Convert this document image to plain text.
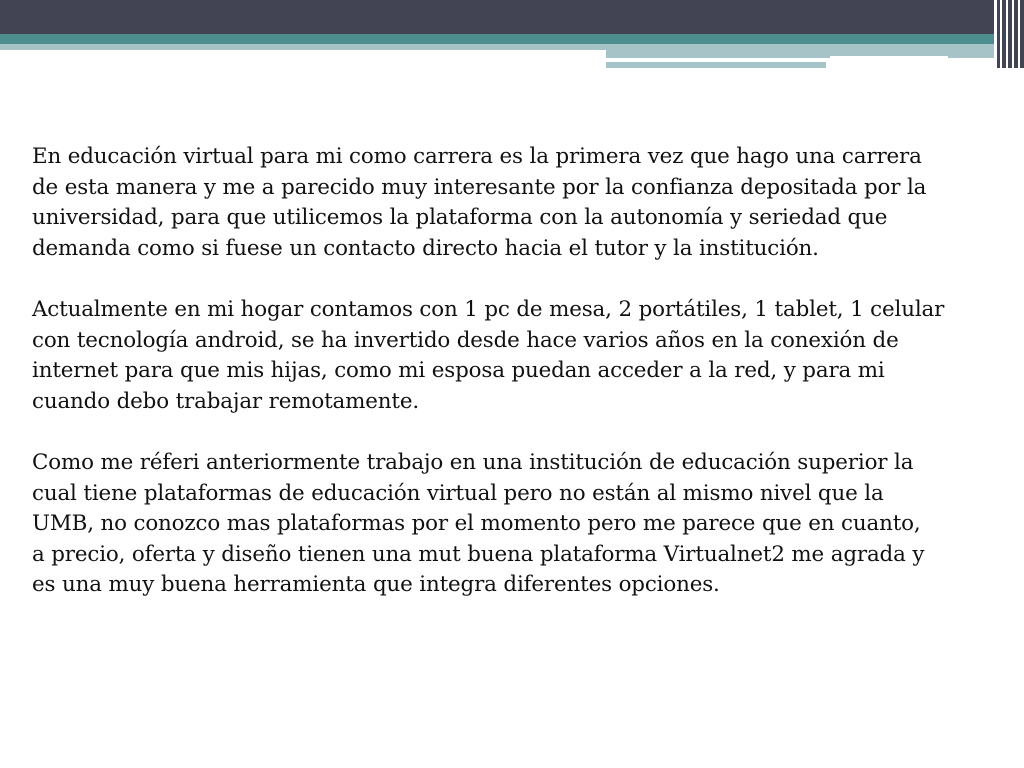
En educación virtual para mi como carrera es la primera vez que hago una carrera
de esta manera y me a parecido muy interesante por la confianza depositada por la
universidad, para que utilicemos la plataforma con la autonomía y seriedad que
demanda como si fuese un contacto directo hacia el tutor y la institución.

Actualmente en mi hogar contamos con 1 pc de mesa, 2 portátiles, 1 tablet, 1 celular
con tecnología android, se ha invertido desde hace varios años en la conexión de
internet para que mis hijas, como mi esposa puedan acceder a la red, y para mi
cuando debo trabajar remotamente.

Como me réferi anteriormente trabajo en una institución de educación superior la
cual tiene plataformas de educación virtual pero no están al mismo nivel que la
UMB, no conozco mas plataformas por el momento pero me parece que en cuanto,
a precio, oferta y diseño tienen una mut buena plataforma Virtualnet2 me agrada y
es una muy buena herramienta que integra diferentes opciones.
